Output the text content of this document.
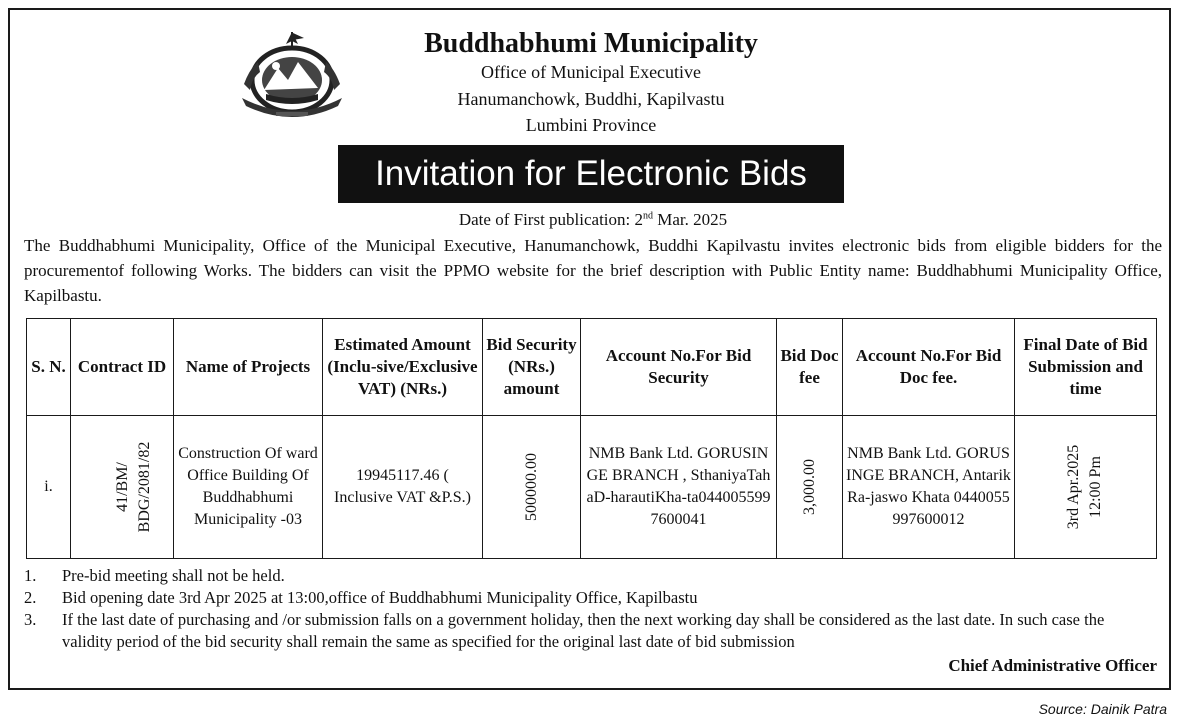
Buddhabhumi Municipality
Office of Municipal Executive
Hanumanchowk, Buddhi, Kapilvastu
Lumbini Province
Invitation for Electronic Bids
Date of First publication: 2nd Mar. 2025
The Buddhabhumi Municipality, Office of the Municipal Executive, Hanumanchowk, Buddhi Kapilvastu invites electronic bids from eligible bidders for the procurementof following Works. The bidders can visit the PPMO website for the brief description with Public Entity name: Buddhabhumi Municipality Office, Kapilbastu.
S. N.	Contract ID	Name of Projects	Estimated Amount (Inclu-sive/Exclusive VAT) (NRs.)	Bid Security (NRs.) amount	Account No.For Bid Security	Bid Doc fee	Account No.For Bid Doc fee.	Final Date of Bid Submission and time
i.	41/BM/ BDG/2081/82	Construction Of ward Office Building Of Buddhabhumi Municipality -03	19945117.46 ( Inclusive VAT &P.S.)	500000.00	NMB Bank Ltd. GORUSINGE BRANCH , SthaniyaTahaD-harautiKha-ta0440055997600041	3,000.00	NMB Bank Ltd. GORUSINGE BRANCH, AntarikRa-jaswo Khata 0440055997600012	3rd Apr.2025 12:00 Pm
1. Pre-bid meeting shall not be held.
2. Bid opening date 3rd Apr 2025 at 13:00,office of Buddhabhumi Municipality Office, Kapilbastu
3. If the last date of purchasing and /or submission falls on a government holiday, then the next working day shall be considered as the last date. In such case the validity period of the bid security shall remain the same as specified for the original last date of bid submission
Chief Administrative Officer
Source: Dainik Patra
